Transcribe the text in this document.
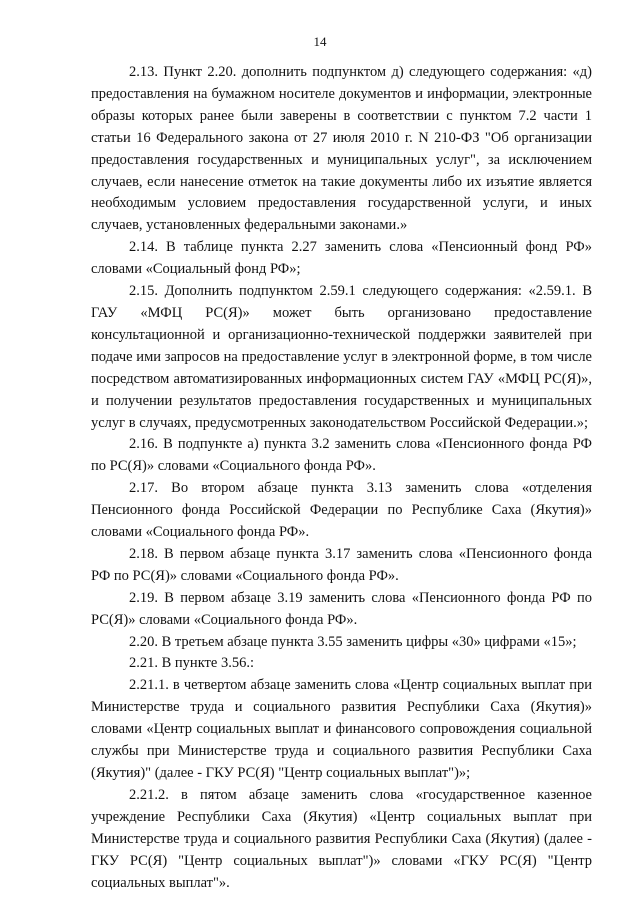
14

2.13. Пункт 2.20. дополнить подпунктом д) следующего содержания: «д) предоставления на бумажном носителе документов и информации, электронные образы которых ранее были заверены в соответствии с пунктом 7.2 части 1 статьи 16 Федерального закона от 27 июля 2010 г. N 210-ФЗ "Об организации предоставления государственных и муниципальных услуг", за исключением случаев, если нанесение отметок на такие документы либо их изъятие является необходимым условием предоставления государственной услуги, и иных случаев, установленных федеральными законами.»

2.14. В таблице пункта 2.27 заменить слова «Пенсионный фонд РФ» словами «Социальный фонд РФ»;

2.15. Дополнить подпунктом 2.59.1 следующего содержания: «2.59.1. В ГАУ «МФЦ РС(Я)» может быть организовано предоставление консультационной и организационно-технической поддержки заявителей при подаче ими запросов на предоставление услуг в электронной форме, в том числе посредством автоматизированных информационных систем ГАУ «МФЦ РС(Я)», и получении результатов предоставления государственных и муниципальных услуг в случаях, предусмотренных законодательством Российской Федерации.»;

2.16. В подпункте а) пункта 3.2 заменить слова «Пенсионного фонда РФ по РС(Я)» словами «Социального фонда РФ».

2.17. Во втором абзаце пункта 3.13 заменить слова «отделения Пенсионного фонда Российской Федерации по Республике Саха (Якутия)» словами «Социального фонда РФ».

2.18. В первом абзаце пункта 3.17 заменить слова «Пенсионного фонда РФ по РС(Я)» словами «Социального фонда РФ».

2.19. В первом абзаце 3.19 заменить слова «Пенсионного фонда РФ по РС(Я)» словами «Социального фонда РФ».

2.20. В третьем абзаце пункта 3.55 заменить цифры «30» цифрами «15»;

2.21. В пункте 3.56.:

2.21.1. в четвертом абзаце заменить слова «Центр социальных выплат при Министерстве труда и социального развития Республики Саха (Якутия)» словами «Центр социальных выплат и финансового сопровождения социальной службы при Министерстве труда и социального развития Республики Саха (Якутия)" (далее - ГКУ РС(Я) "Центр социальных выплат")»;

2.21.2. в пятом абзаце заменить слова «государственное казенное учреждение Республики Саха (Якутия) «Центр социальных выплат при Министерстве труда и социального развития Республики Саха (Якутия) (далее - ГКУ РС(Я) "Центр социальных выплат")» словами «ГКУ РС(Я) "Центр социальных выплат"».
